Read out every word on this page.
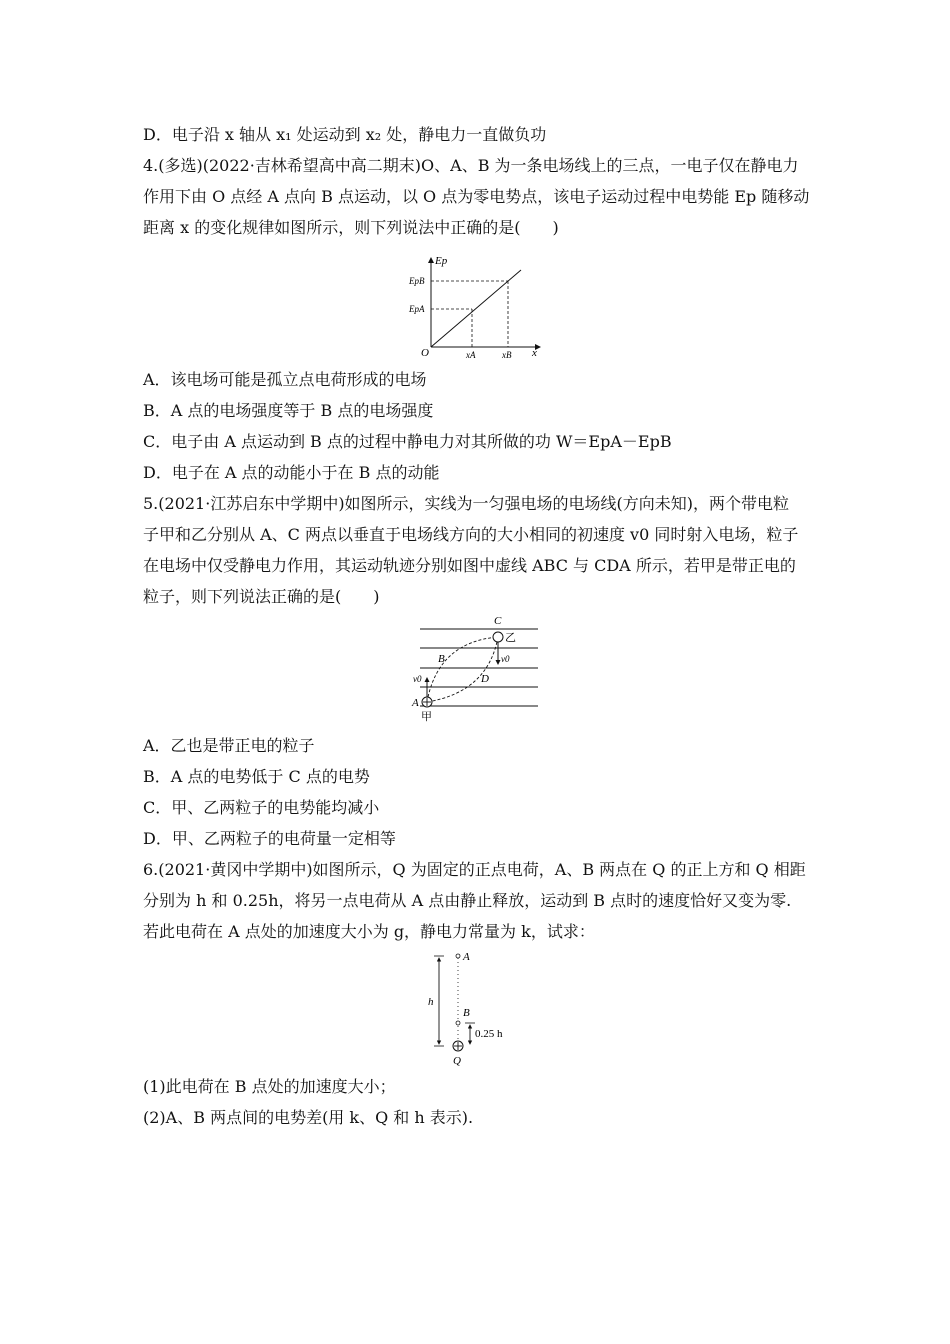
D．电子沿 x 轴从 x₁ 处运动到 x₂ 处，静电力一直做负功
4.(多选)(2022·吉林希望高中高二期末)O、A、B 为一条电场线上的三点，一电子仅在静电力
作用下由 O 点经 A 点向 B 点运动，以 O 点为零电势点，该电子运动过程中电势能 Ep 随移动
距离 x 的变化规律如图所示，则下列说法中正确的是(　　)
Ep
x
O
EpB
EpA
xA	xB
A．该电场可能是孤立点电荷形成的电场
B．A 点的电场强度等于 B 点的电场强度
C．电子由 A 点运动到 B 点的过程中静电力对其所做的功 W＝EpA－EpB
D．电子在 A 点的动能小于在 B 点的动能
5.(2021·江苏启东中学期中)如图所示，实线为一匀强电场的电场线(方向未知)，两个带电粒
子甲和乙分别从 A、C 两点以垂直于电场线方向的大小相同的初速度 v0 同时射入电场，粒子
在电场中仅受静电力作用，其运动轨迹分别如图中虚线 ABC 与 CDA 所示，若甲是带正电的
粒子，则下列说法正确的是(　　)
C
乙
B	v0
D
v0
A
甲
A．乙也是带正电的粒子
B．A 点的电势低于 C 点的电势
C．甲、乙两粒子的电势能均减小
D．甲、乙两粒子的电荷量一定相等
6.(2021·黄冈中学期中)如图所示，Q 为固定的正点电荷，A、B 两点在 Q 的正上方和 Q 相距
分别为 h 和 0.25h，将另一点电荷从 A 点由静止释放，运动到 B 点时的速度恰好又变为零.
若此电荷在 A 点处的加速度大小为 g，静电力常量为 k，试求：
A
B
h
0.25 h
Q
(1)此电荷在 B 点处的加速度大小；
(2)A、B 两点间的电势差(用 k、Q 和 h 表示).
